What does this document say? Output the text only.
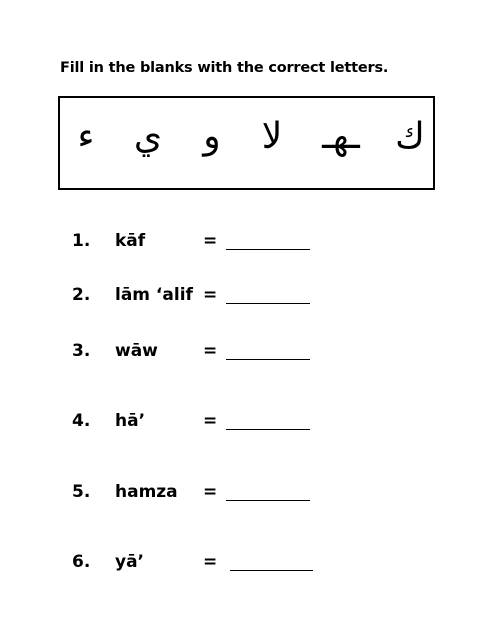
Fill in the blanks with the correct letters.
ك
ـهـ
لا
و
ي
ء
1. kāf	=
2. lām ‘alif =
3. wāw	=
4. hā’	=
5. hamza =
6. yā’	=
